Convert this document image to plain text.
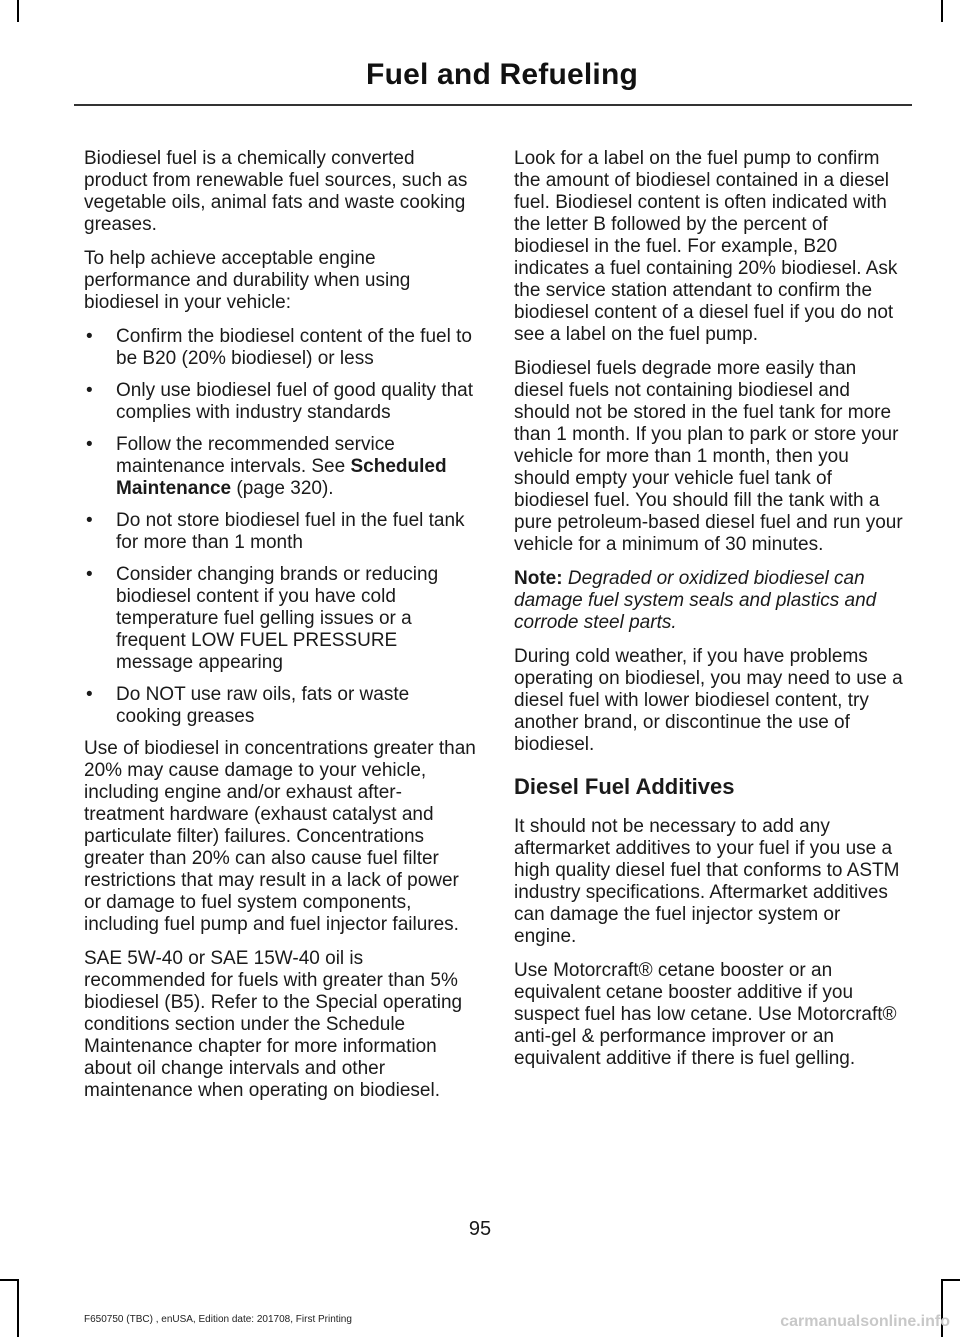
Fuel and Refueling

Biodiesel fuel is a chemically converted product from renewable fuel sources, such as vegetable oils, animal fats and waste cooking greases.

To help achieve acceptable engine performance and durability when using biodiesel in your vehicle:

• Confirm the biodiesel content of the fuel to be B20 (20% biodiesel) or less
• Only use biodiesel fuel of good quality that complies with industry standards
• Follow the recommended service maintenance intervals. See Scheduled Maintenance (page 320).
• Do not store biodiesel fuel in the fuel tank for more than 1 month
• Consider changing brands or reducing biodiesel content if you have cold temperature fuel gelling issues or a frequent LOW FUEL PRESSURE message appearing
• Do NOT use raw oils, fats or waste cooking greases

Use of biodiesel in concentrations greater than 20% may cause damage to your vehicle, including engine and/or exhaust after-treatment hardware (exhaust catalyst and particulate filter) failures. Concentrations greater than 20% can also cause fuel filter restrictions that may result in a lack of power or damage to fuel system components, including fuel pump and fuel injector failures.

SAE 5W-40 or SAE 15W-40 oil is recommended for fuels with greater than 5% biodiesel (B5). Refer to the Special operating conditions section under the Schedule Maintenance chapter for more information about oil change intervals and other maintenance when operating on biodiesel.

Look for a label on the fuel pump to confirm the amount of biodiesel contained in a diesel fuel. Biodiesel content is often indicated with the letter B followed by the percent of biodiesel in the fuel. For example, B20 indicates a fuel containing 20% biodiesel. Ask the service station attendant to confirm the biodiesel content of a diesel fuel if you do not see a label on the fuel pump.

Biodiesel fuels degrade more easily than diesel fuels not containing biodiesel and should not be stored in the fuel tank for more than 1 month. If you plan to park or store your vehicle for more than 1 month, then you should empty your vehicle fuel tank of biodiesel fuel. You should fill the tank with a pure petroleum-based diesel fuel and run your vehicle for a minimum of 30 minutes.

Note: Degraded or oxidized biodiesel can damage fuel system seals and plastics and corrode steel parts.

During cold weather, if you have problems operating on biodiesel, you may need to use a diesel fuel with lower biodiesel content, try another brand, or discontinue the use of biodiesel.

Diesel Fuel Additives

It should not be necessary to add any aftermarket additives to your fuel if you use a high quality diesel fuel that conforms to ASTM industry specifications. Aftermarket additives can damage the fuel injector system or engine.

Use Motorcraft® cetane booster or an equivalent cetane booster additive if you suspect fuel has low cetane. Use Motorcraft® anti-gel & performance improver or an equivalent additive if there is fuel gelling.

95
F650750 (TBC) , enUSA, Edition date: 201708, First Printing	carmanualsonline.info
